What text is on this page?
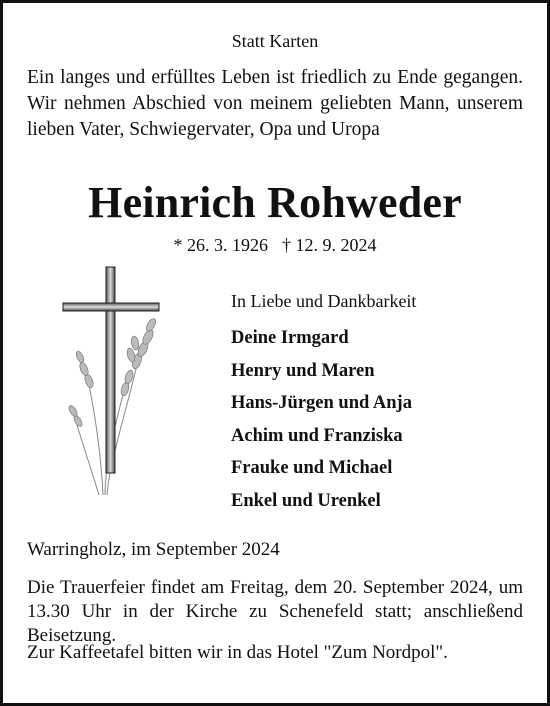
Statt Karten
Ein langes und erfülltes Leben ist friedlich zu Ende gegangen. Wir nehmen Abschied von meinem geliebten Mann, unserem lieben Vater, Schwiegervater, Opa und Uropa
Heinrich Rohweder
* 26. 3. 1926 † 12. 9. 2024
In Liebe und Dankbarkeit
Deine Irmgard
Henry und Maren
Hans-Jürgen und Anja
Achim und Franziska
Frauke und Michael
Enkel und Urenkel
Warringholz, im September 2024
Die Trauerfeier findet am Freitag, dem 20. September 2024, um 13.30 Uhr in der Kirche zu Schenefeld statt; anschließend Beisetzung.
Zur Kaffeetafel bitten wir in das Hotel "Zum Nordpol".
